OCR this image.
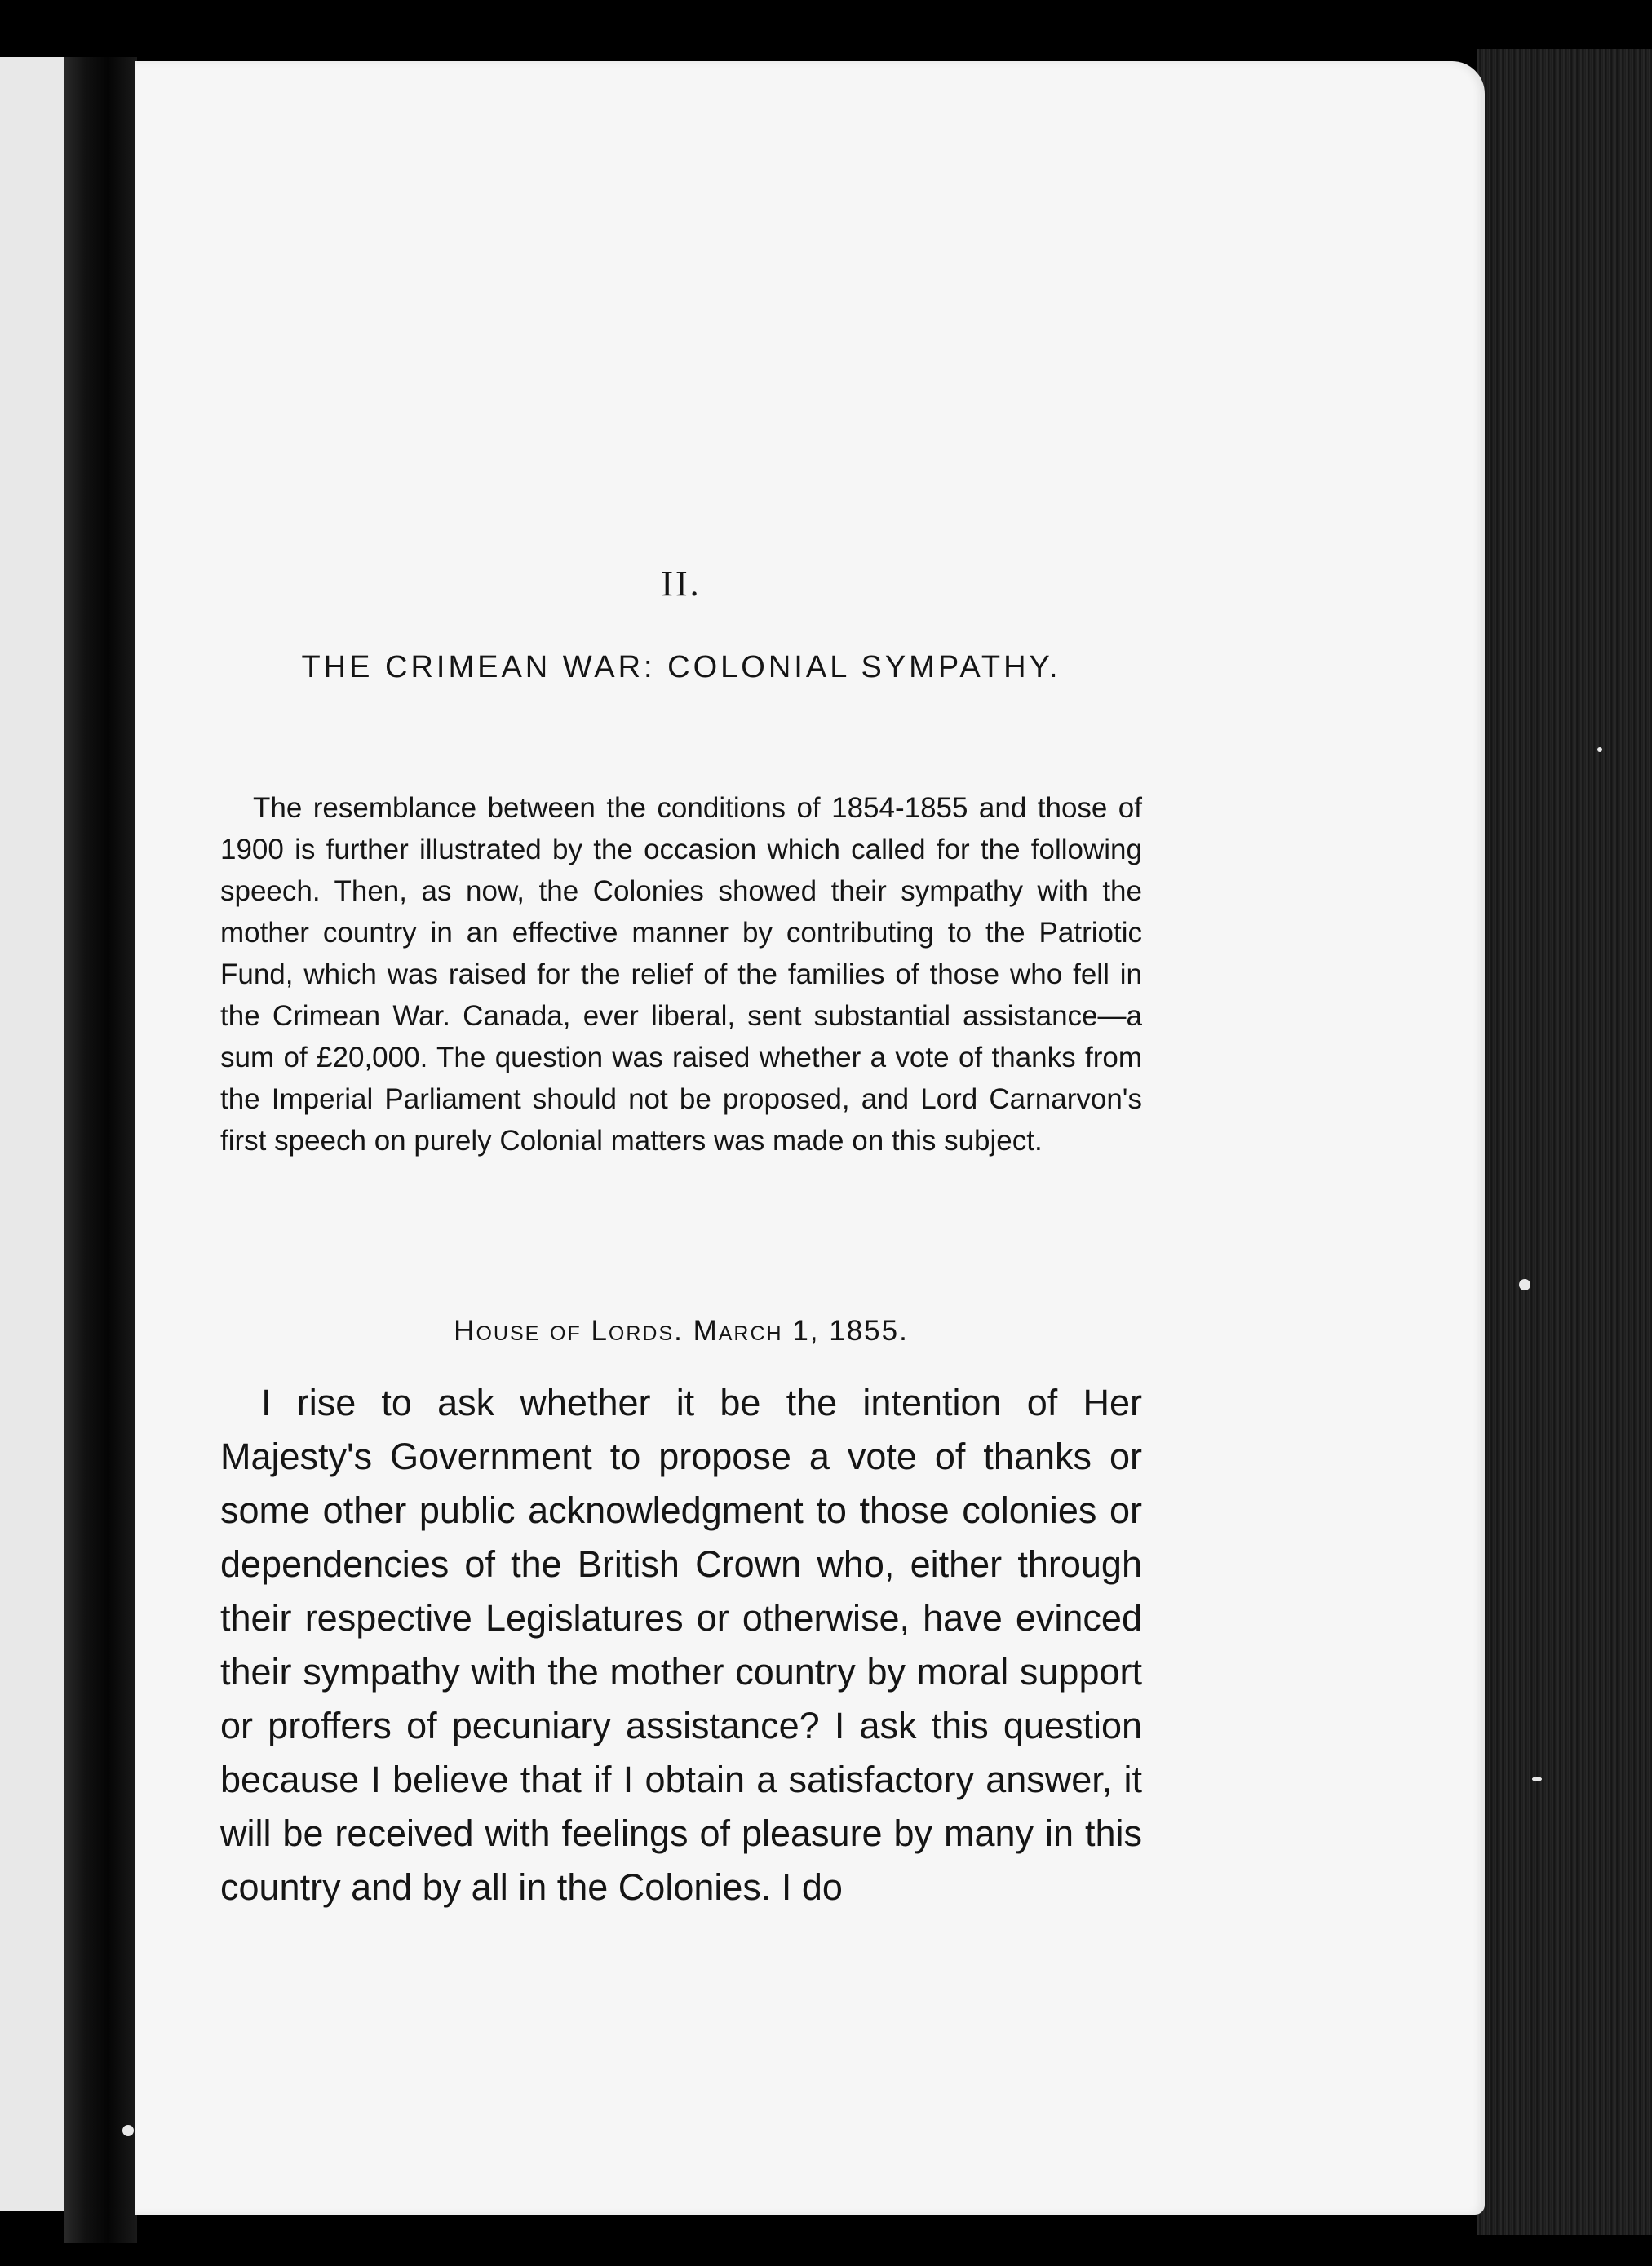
II.
THE CRIMEAN WAR: COLONIAL SYMPATHY.

The resemblance between the conditions of 1854-1855 and those of 1900 is further illustrated by the occasion which called for the following speech. Then, as now, the Colonies showed their sympathy with the mother country in an effective manner by contributing to the Patriotic Fund, which was raised for the relief of the families of those who fell in the Crimean War. Canada, ever liberal, sent substantial assistance—a sum of £20,000. The question was raised whether a vote of thanks from the Imperial Parliament should not be proposed, and Lord Carnarvon's first speech on purely Colonial matters was made on this subject.

House of Lords. March 1, 1855.

I rise to ask whether it be the intention of Her Majesty's Government to propose a vote of thanks or some other public acknowledgment to those colonies or dependencies of the British Crown who, either through their respective Legislatures or otherwise, have evinced their sympathy with the mother country by moral support or proffers of pecuniary assistance? I ask this question because I believe that if I obtain a satisfactory answer, it will be received with feelings of pleasure by many in this country and by all in the Colonies. I do
